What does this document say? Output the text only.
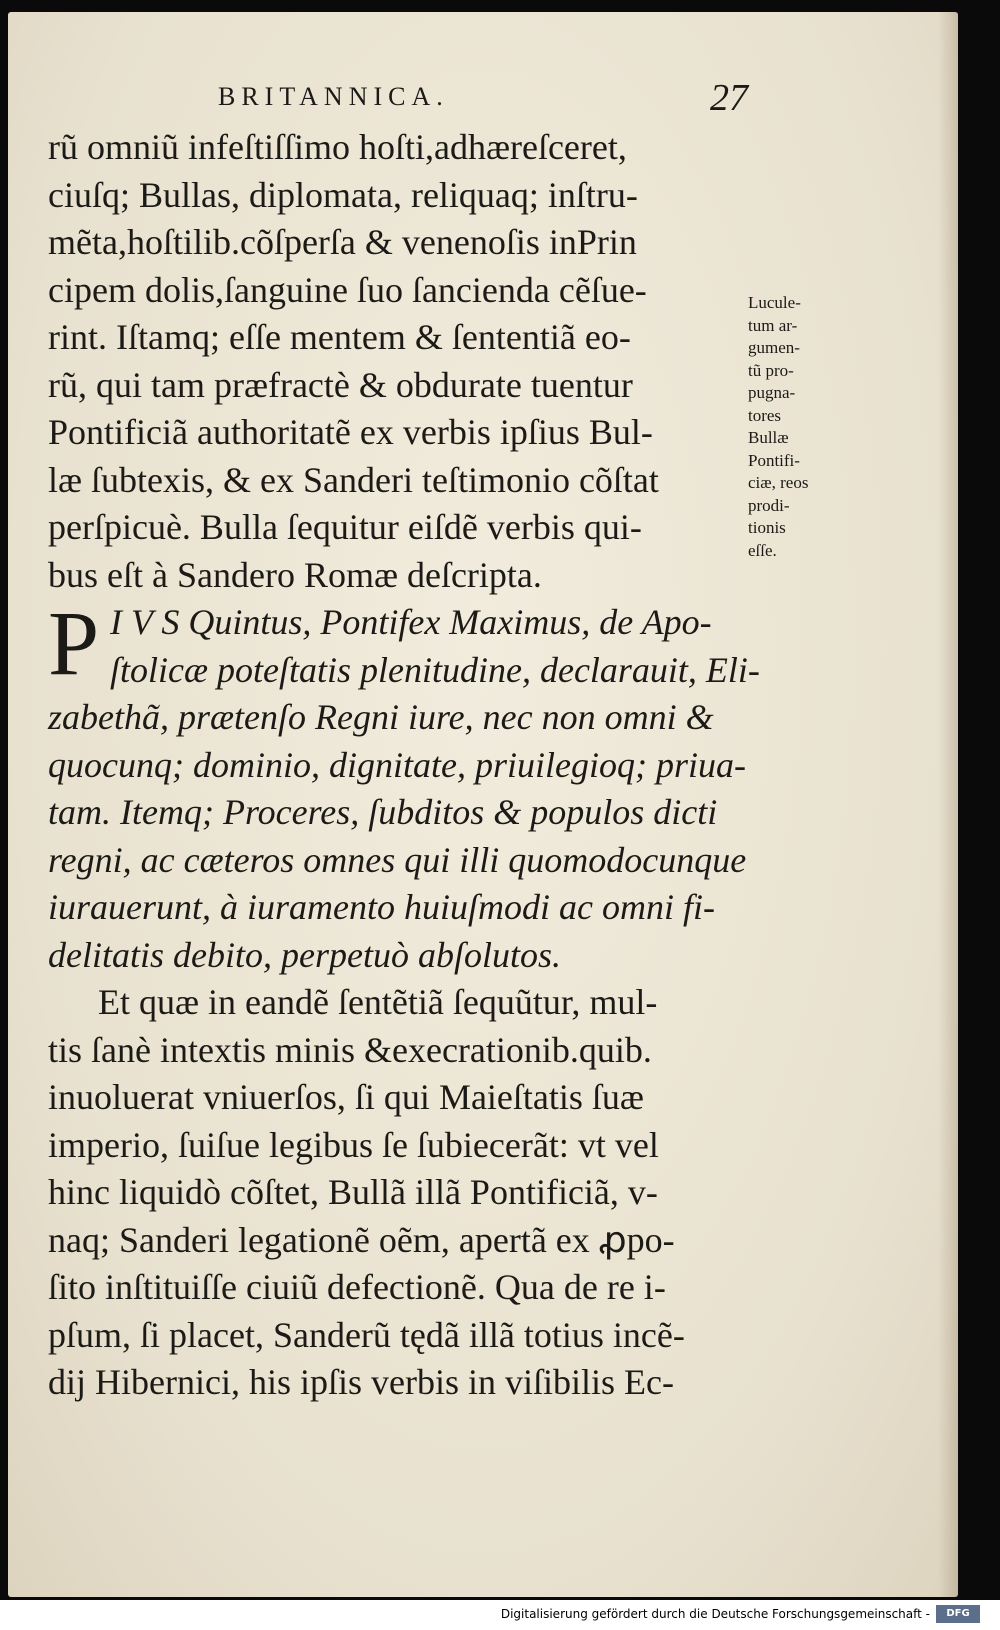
BRITANNICA.	27
rũ omniũ infeſtiſſimo hoſti,adhæreſceret,
ciuſq; Bullas, diplomata, reliquaq; inſtru-
mẽta,hoſtilib.cõſperſa & venenoſis inPrin
cipem dolis,ſanguine ſuo ſancienda cẽſue-
rint. Iſtamq; eſſe mentem & ſententiã eo-
rũ, qui tam præfractè & obdurate tuentur
Pontificiã authoritatẽ ex verbis ipſius Bul-
læ ſubtexis, & ex Sanderi teſtimonio cõſtat
perſpicuè. Bulla ſequitur eiſdẽ verbis qui-
bus eſt à Sandero Romæ deſcripta.
P I V S Quintus, Pontifex Maximus, de Apo-
ſtolicæ poteſtatis plenitudine, declarauit, Eli-
zabethã, prætenſo Regni iure, nec non omni &
quocunq; dominio, dignitate, priuilegioq; priua-
tam. Itemq; Proceres, ſubditos & populos dicti
regni, ac cæteros omnes qui illi quomodocunque
iurauerunt, à iuramento huiuſmodi ac omni fi-
delitatis debito, perpetuò abſolutos.
Et quæ in eandẽ ſentẽtiã ſequũtur, mul-
tis ſanè intextis minis &execrationib.quib.
inuoluerat vniuerſos, ſi qui Maieſtatis ſuæ
imperio, ſuiſue legibus ſe ſubiecerãt: vt vel
hinc liquidò cõſtet, Bullã illã Pontificiã, v-
naq; Sanderi legationẽ oẽm, apertã ex ꝓpo-
ſito inſtituiſſe ciuiũ defectionẽ. Qua de re i-
pſum, ſi placet, Sanderũ tędã illã totius incẽ-
dij Hibernici, his ipſis verbis in viſibilis Ec-
Lucule-
tum ar-
gumen-
tũ pro-
pugna-
tores
Bullæ
Pontifi-
ciæ, reos
prodi-
tionis
eſſe.
Digitalisierung gefördert durch die Deutsche Forschungsgemeinschaft -	DFG
